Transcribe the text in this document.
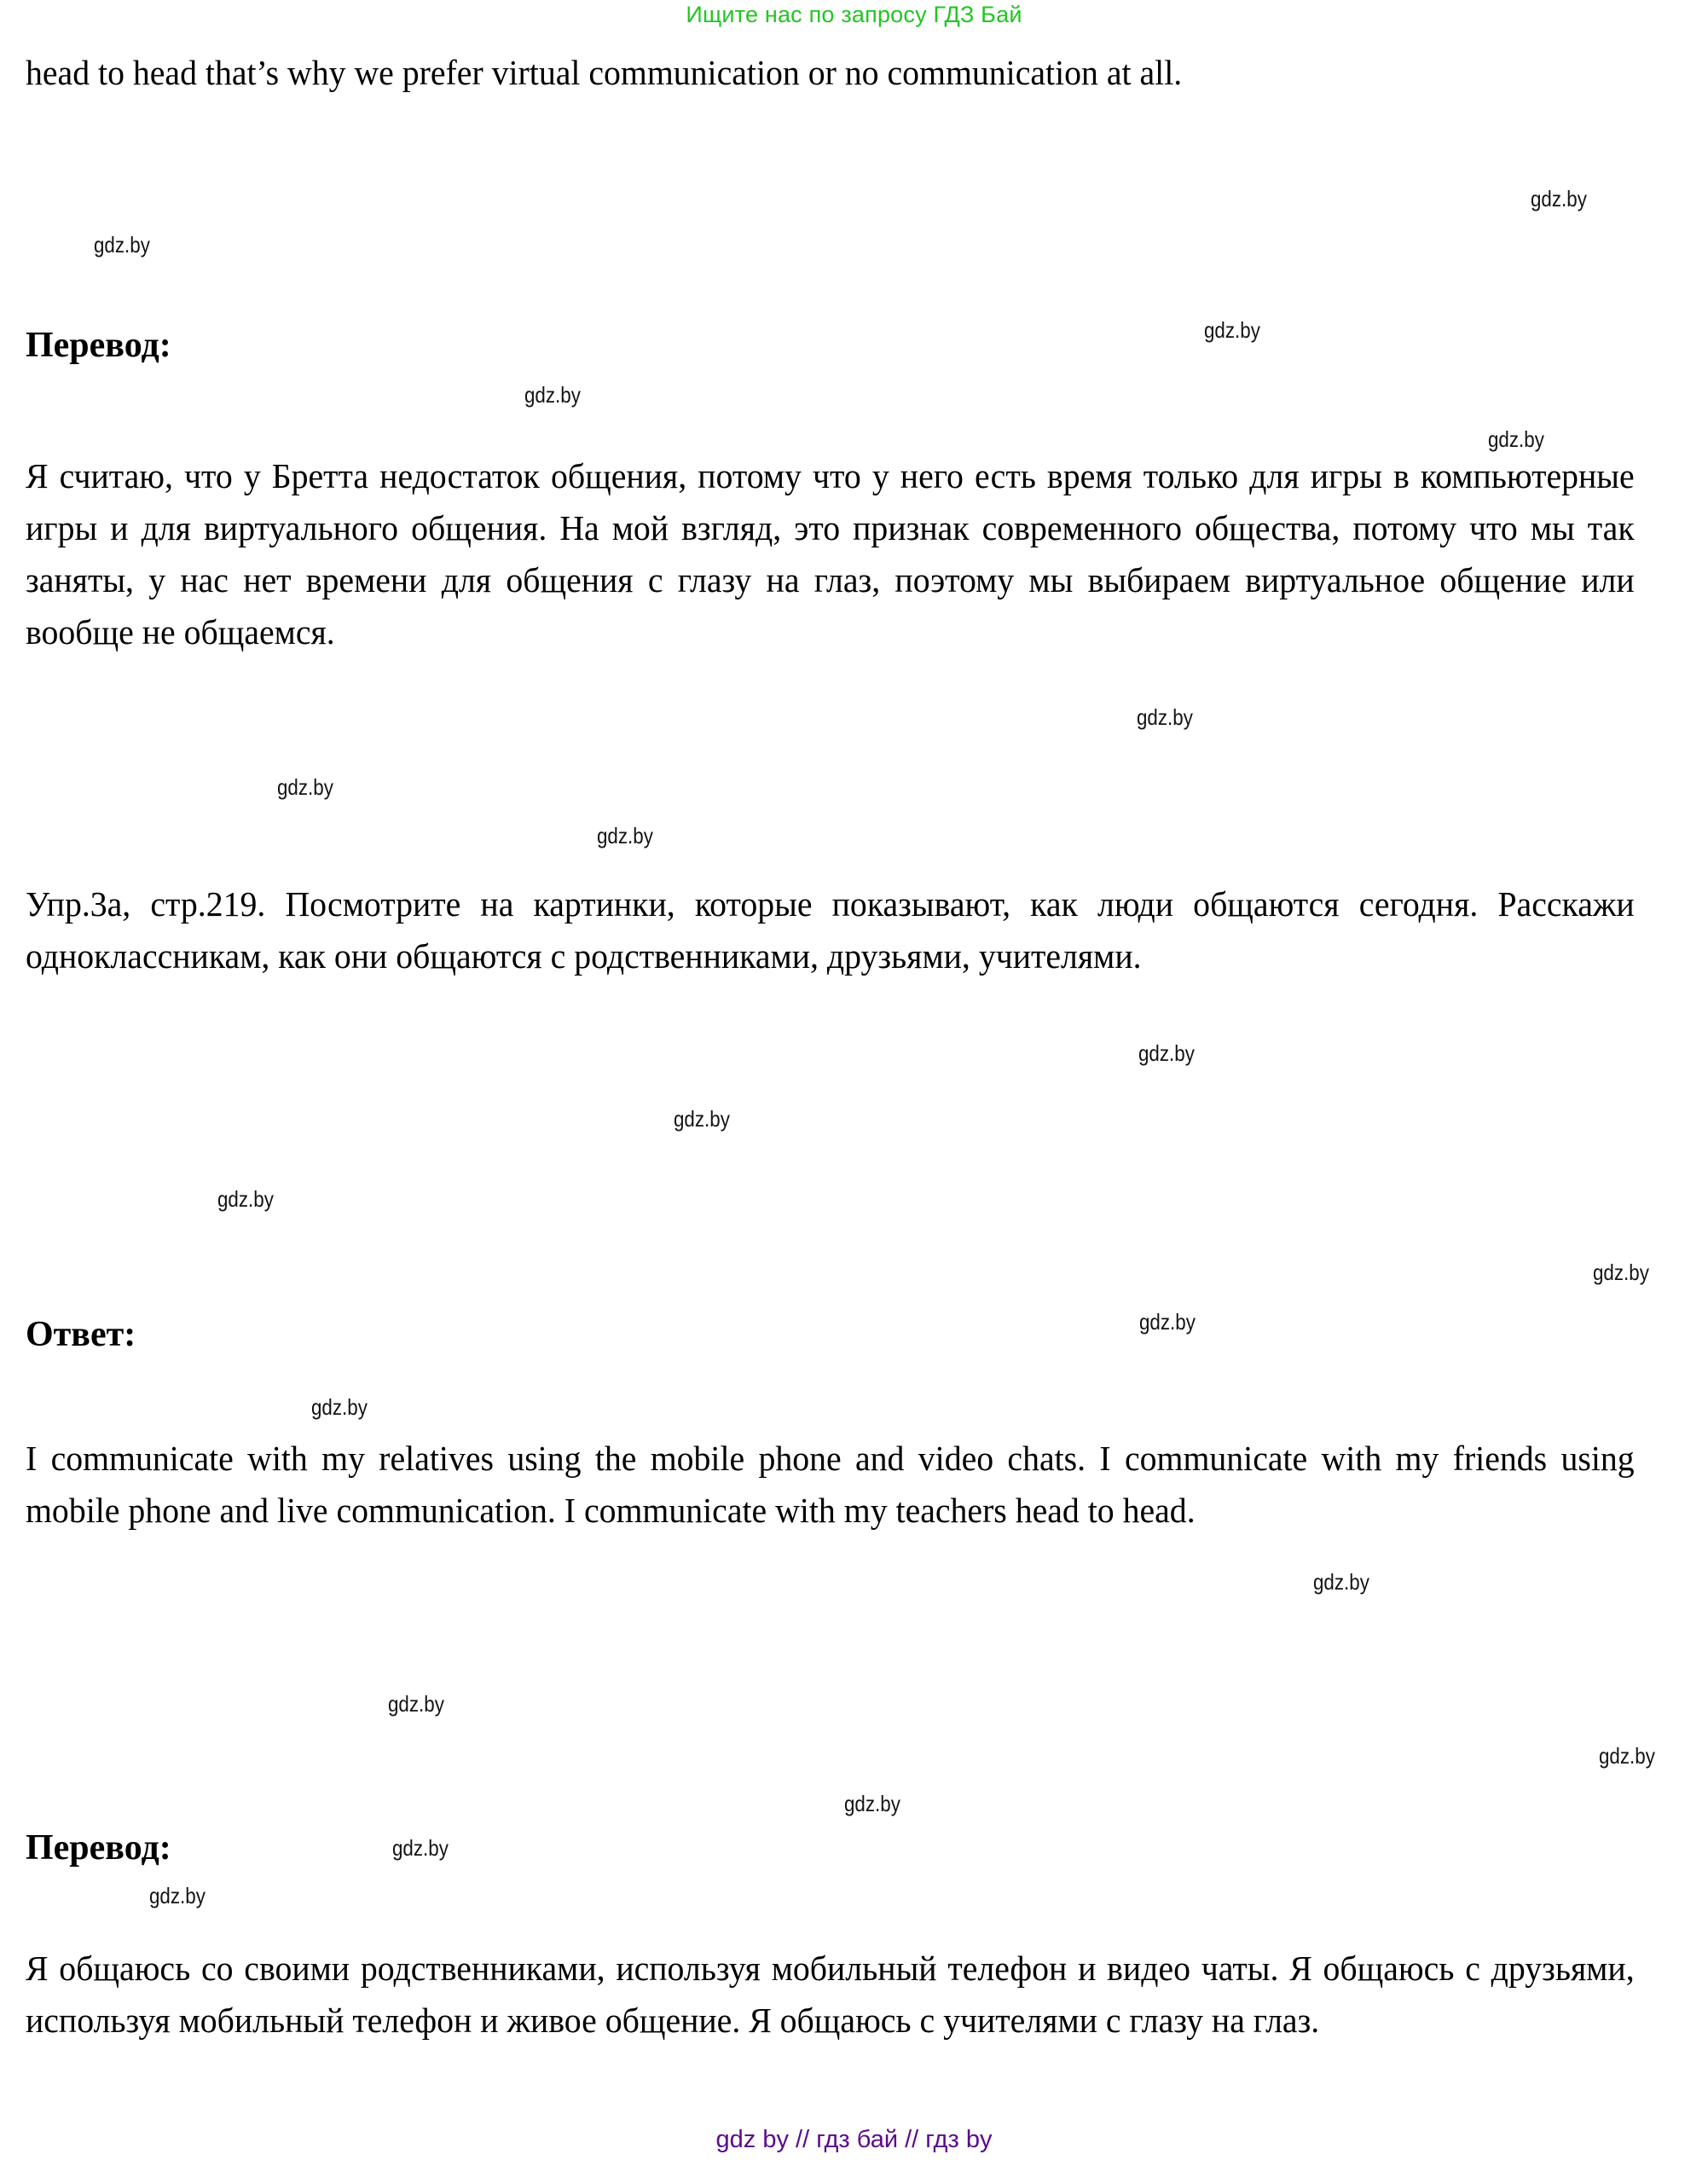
Ищите нас по запросу ГДЗ Бай

head to head that’s why we prefer virtual communication or no communication at all.

Перевод:

Я считаю, что у Бретта недостаток общения, потому что у него есть время только для игры в компьютерные игры и для виртуального общения. На мой взгляд, это признак современного общества, потому что мы так заняты, у нас нет времени для общения с глазу на глаз, поэтому мы выбираем виртуальное общение или вообще не общаемся.

Упр.3а, стр.219. Посмотрите на картинки, которые показывают, как люди общаются сегодня. Расскажи одноклассникам, как они общаются с родственниками, друзьями, учителями.

Ответ:

I communicate with my relatives using the mobile phone and video chats. I communicate with my friends using mobile phone and live communication. I communicate with my teachers head to head.

Перевод:

Я общаюсь со своими родственниками, используя мобильный телефон и видео чаты. Я общаюсь с друзьями, используя мобильный телефон и живое общение. Я общаюсь с учителями с глазу на глаз.

gdz.by
gdz.by
gdz.by
gdz.by
gdz.by
gdz.by
gdz.by
gdz.by
gdz.by
gdz.by
gdz.by
gdz.by
gdz.by
gdz.by
gdz.by
gdz.by
gdz.by
gdz.by
gdz.by
gdz.by
gdz by // гдз бай // гдз by
